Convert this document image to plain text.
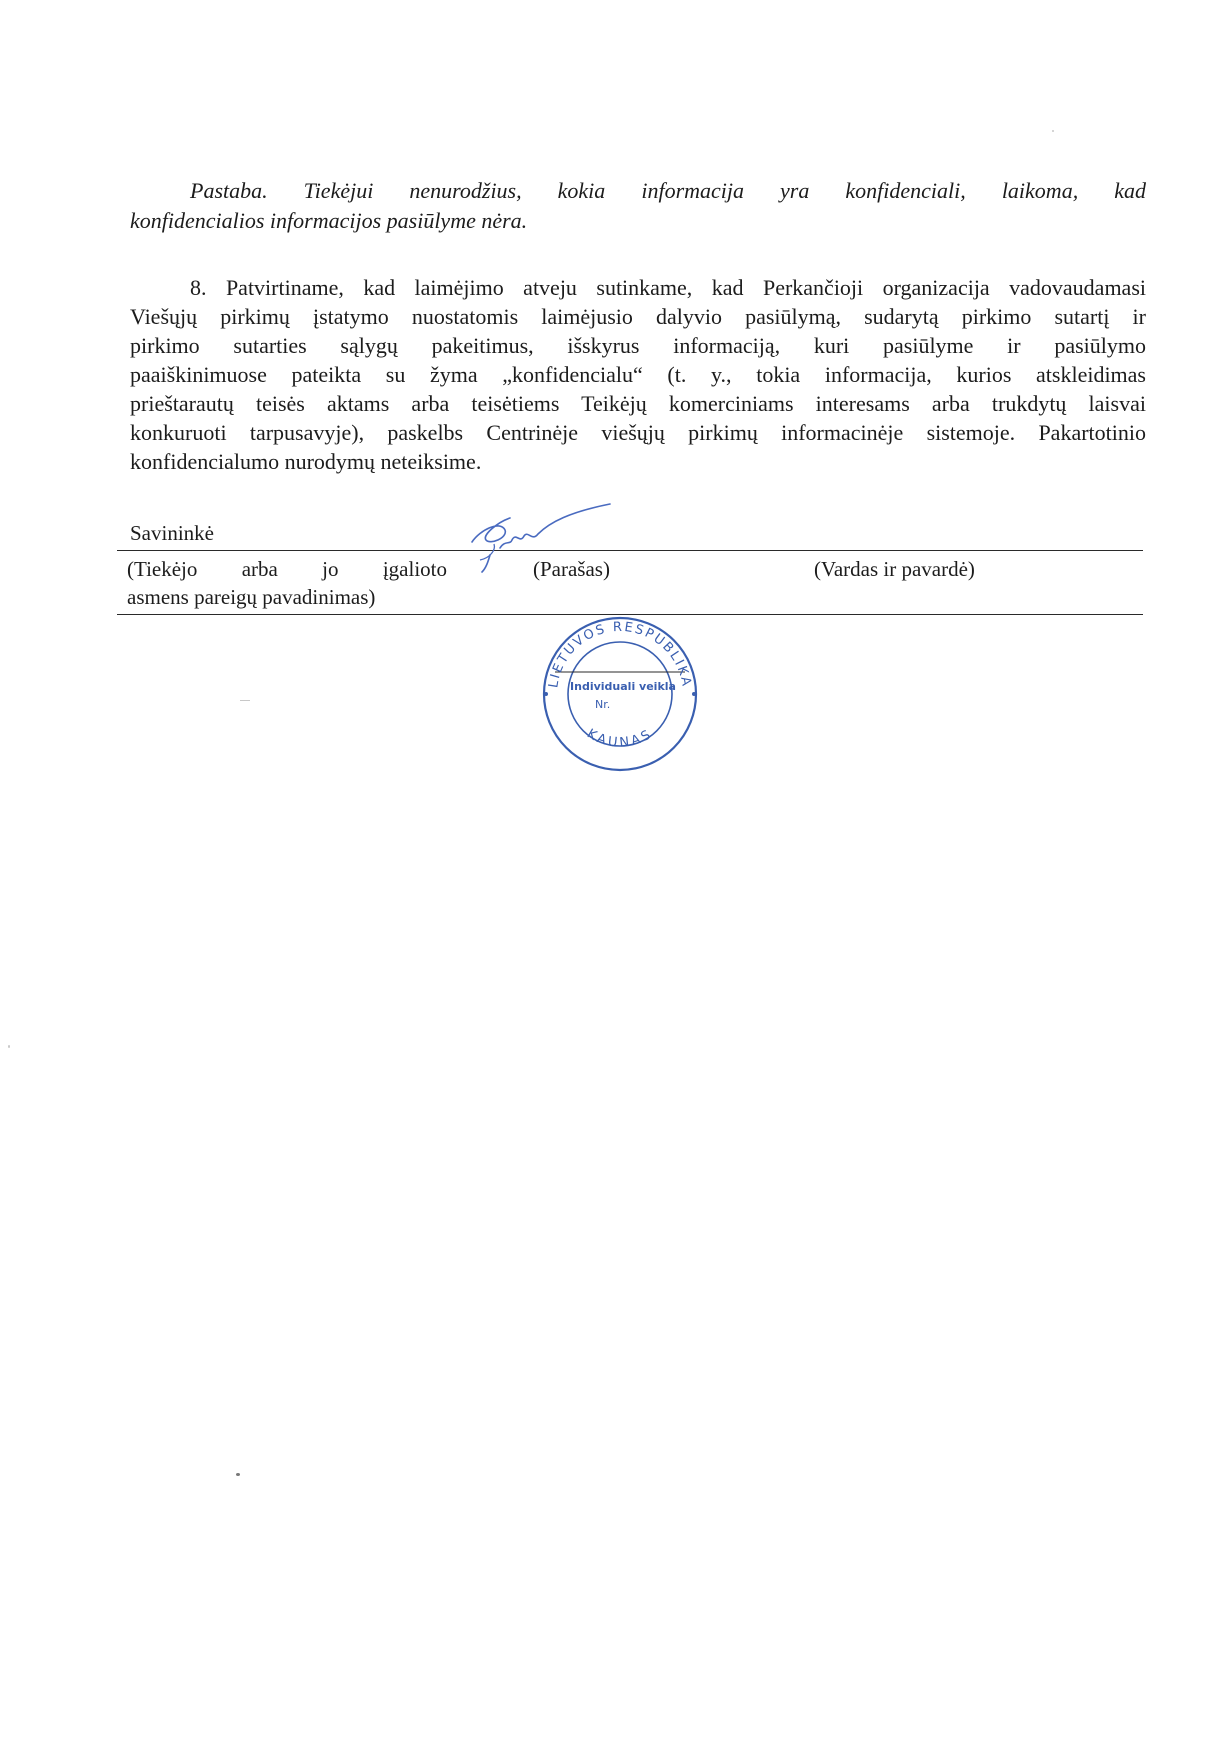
Pastaba. Tiekėjui nenurodžius, kokia informacija yra konfidenciali, laikoma, kad
konfidencialios informacijos pasiūlyme nėra.
8. Patvirtiname, kad laimėjimo atveju sutinkame, kad Perkančioji organizacija vadovaudamasi
Viešųjų pirkimų įstatymo nuostatomis laimėjusio dalyvio pasiūlymą, sudarytą pirkimo sutartį ir
pirkimo sutarties sąlygų pakeitimus, išskyrus informaciją, kuri pasiūlyme ir pasiūlymo
paaiškinimuose pateikta su žyma „konfidencialu“ (t. y., tokia informacija, kurios atskleidimas
prieštarautų teisės aktams arba teisėtiems Teikėjų komerciniams interesams arba trukdytų laisvai
konkuruoti tarpusavyje), paskelbs Centrinėje viešųjų pirkimų informacinėje sistemoje. Pakartotinio
konfidencialumo nurodymų neteiksime.
Savininkė
(Tiekėjo arba jo įgalioto
asmens pareigų pavadinimas)
(Parašas)	(Vardas ir pavardė)
LIETUVOS RESPUBLIKA
KAUNAS
Individuali veikla
Nr.
